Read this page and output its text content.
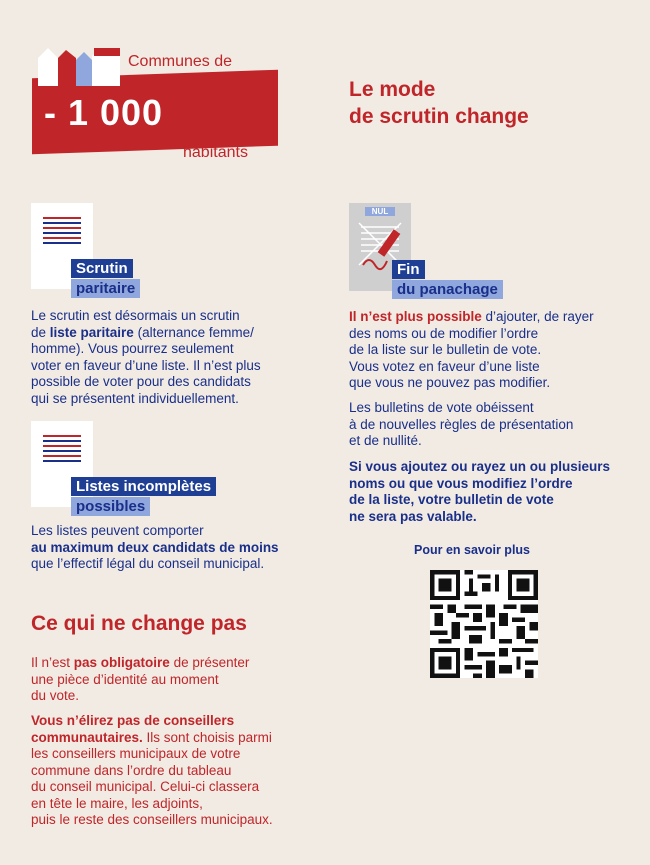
Communes de
- 1 000
habitants
Le mode
de scrutin change
Scrutin
paritaire
Le scrutin est désormais un scrutin
de liste paritaire (alternance femme/
homme). Vous pourrez seulement
voter en faveur d’une liste. Il n’est plus
possible de voter pour des candidats
qui se présentent individuellement.
Listes incomplètes
possibles
Les listes peuvent comporter
au maximum deux candidats de moins
que l’effectif légal du conseil municipal.
NUL
Fin
du panachage
Il n’est plus possible d’ajouter, de rayer
des noms ou de modifier l’ordre
de la liste sur le bulletin de vote.
Vous votez en faveur d’une liste
que vous ne pouvez pas modifier.
Les bulletins de vote obéissent
à de nouvelles règles de présentation
et de nullité.
Si vous ajoutez ou rayez un ou plusieurs
noms ou que vous modifiez l’ordre
de la liste, votre bulletin de vote
ne sera pas valable.
Pour en savoir plus
Ce qui ne change pas
Il n’est pas obligatoire de présenter
une pièce d’identité au moment
du vote.
Vous n’élirez pas de conseillers
communautaires. Ils sont choisis parmi
les conseillers municipaux de votre
commune dans l’ordre du tableau
du conseil municipal. Celui-ci classera
en tête le maire, les adjoints,
puis le reste des conseillers municipaux.
